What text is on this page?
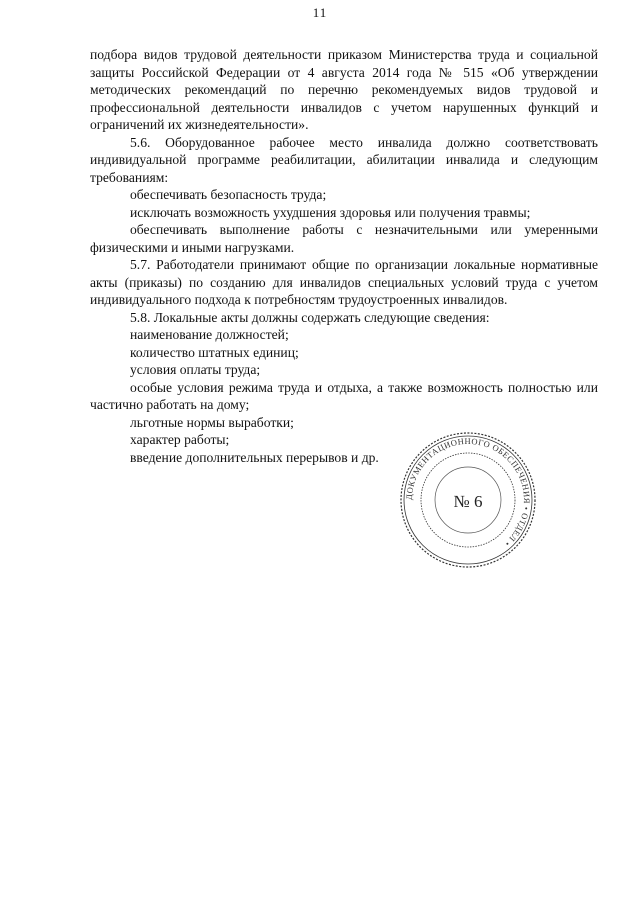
11

подбора видов трудовой деятельности приказом Министерства труда и социальной защиты Российской Федерации от 4 августа 2014 года № 515 «Об утверждении методических рекомендаций по перечню рекомендуемых видов трудовой и профессиональной деятельности инвалидов с учетом нарушенных функций и ограничений их жизнедеятельности».

5.6. Оборудованное рабочее место инвалида должно соответствовать индивидуальной программе реабилитации, абилитации инвалида и следующим требованиям:

обеспечивать безопасность труда;

исключать возможность ухудшения здоровья или получения травмы;

обеспечивать выполнение работы с незначительными или умеренными физическими и иными нагрузками.

5.7. Работодатели принимают общие по организации локальные нормативные акты (приказы) по созданию для инвалидов специальных условий труда с учетом индивидуального подхода к потребностям трудоустроенных инвалидов.

5.8. Локальные акты должны содержать следующие сведения:

наименование должностей;

количество штатных единиц;

условия оплаты труда;

особые условия режима труда и отдыха, а также возможность полностью или частично работать на дому;

льготные нормы выработки;

характер работы;

введение дополнительных перерывов и др.

ДОКУМЕНТАЦИОННОГО ОБЕСПЕЧЕНИЯ • ОТДЕЛ •
№ 6
